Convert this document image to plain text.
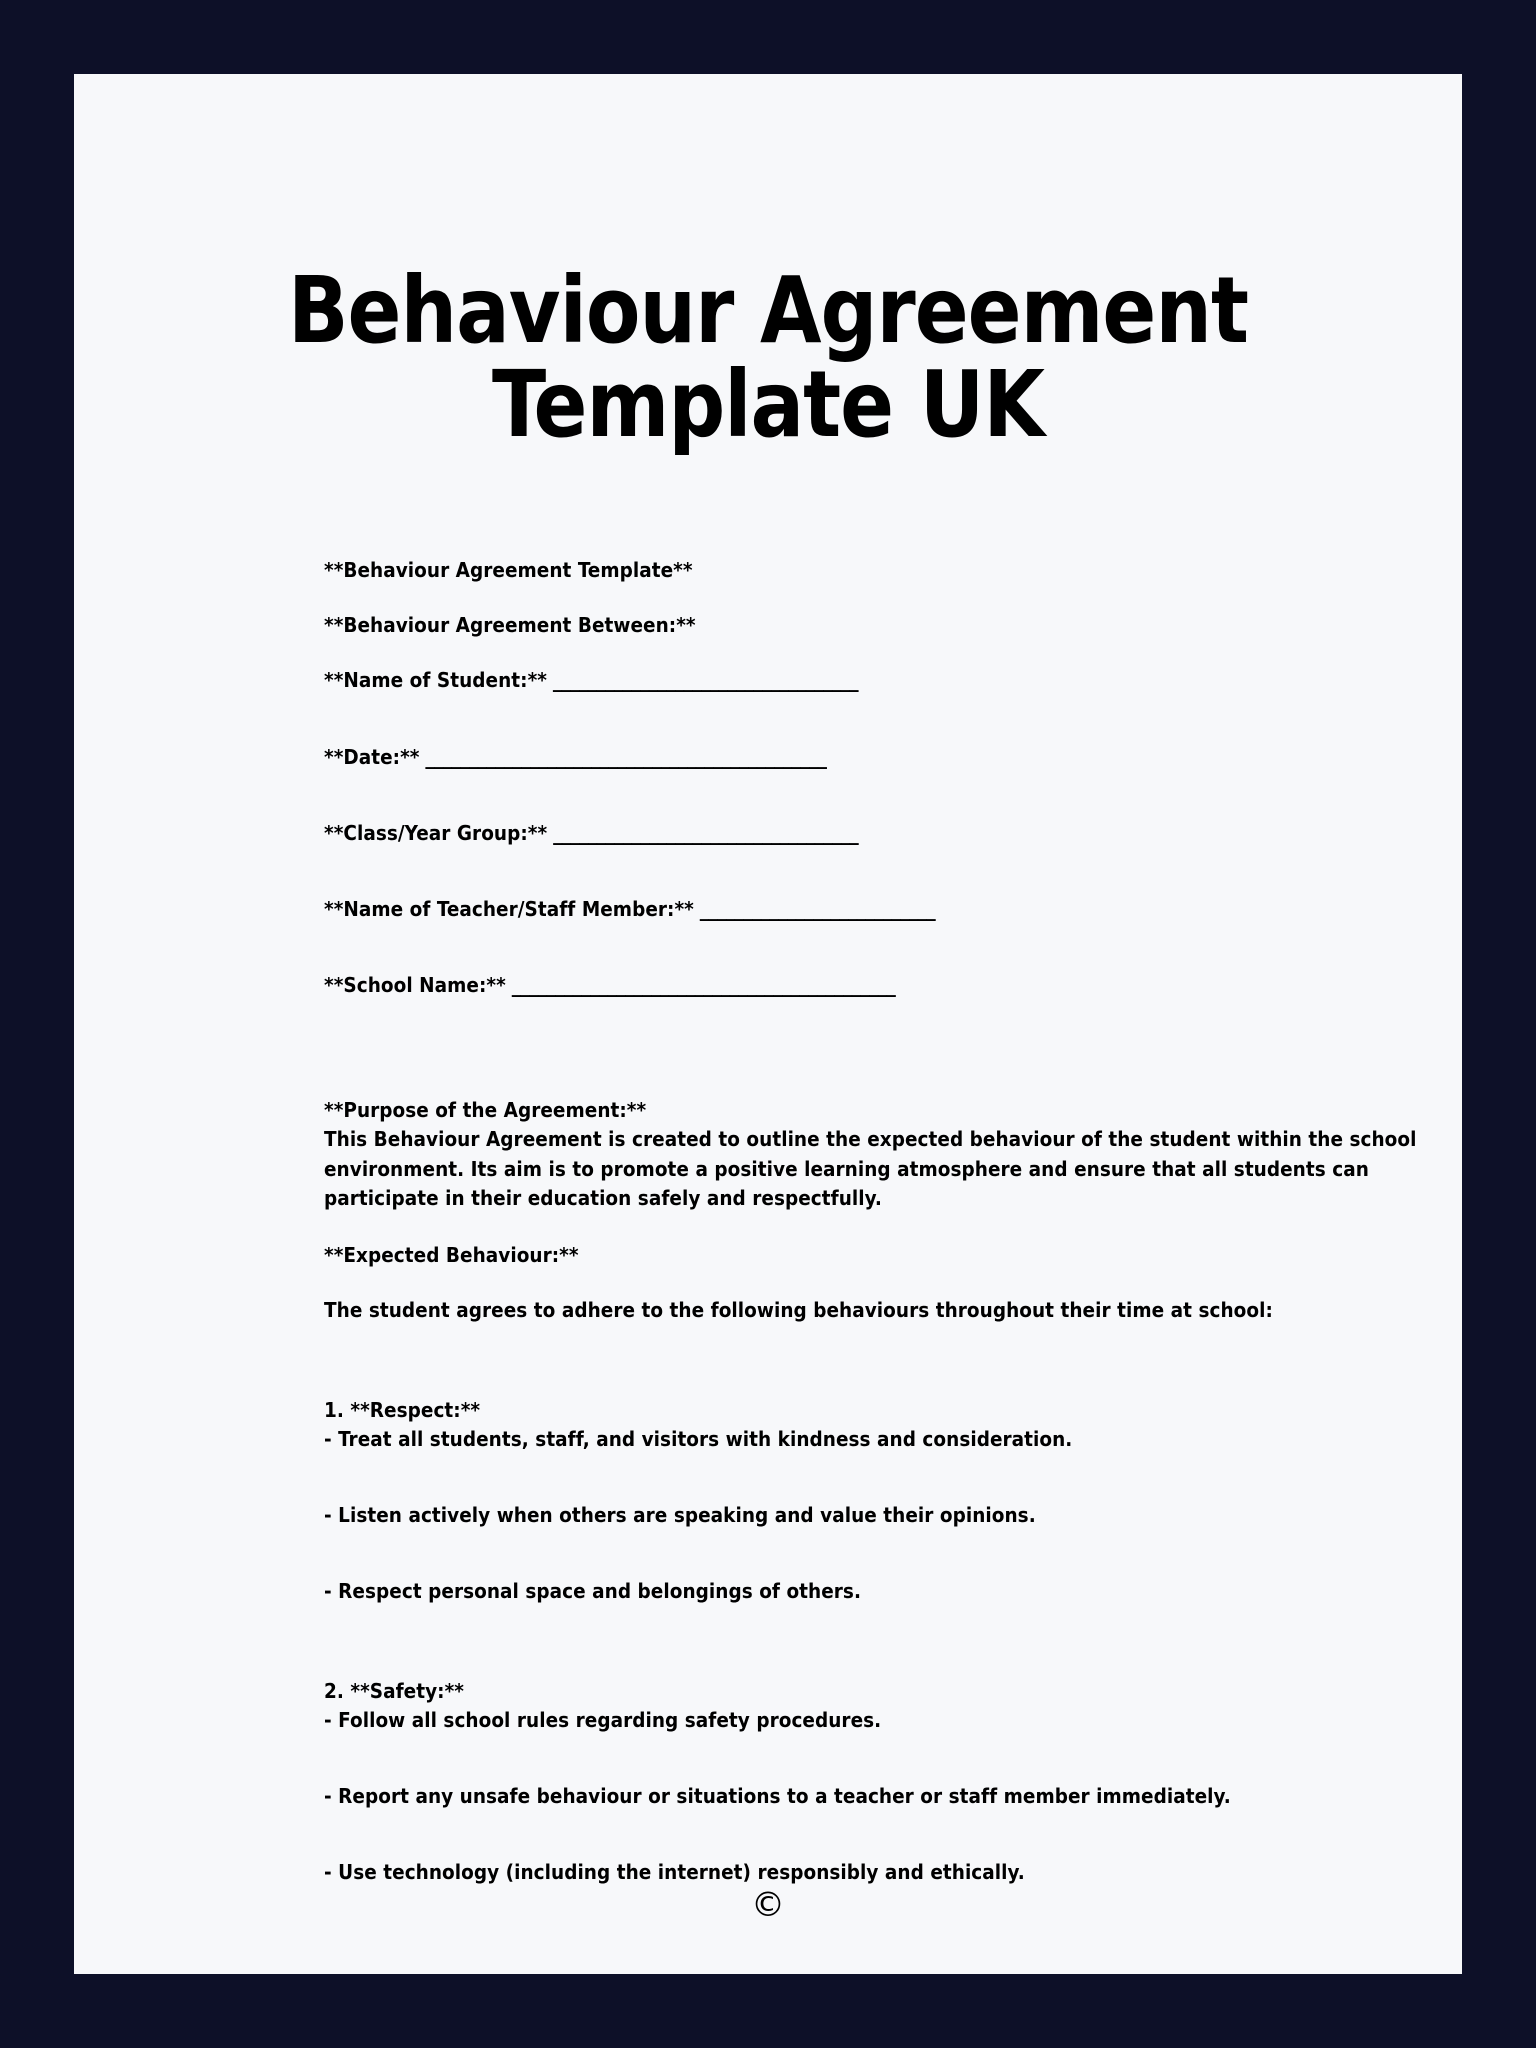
Behaviour Agreement Template UK

**Behaviour Agreement Template**

**Behaviour Agreement Between:**

**Name of Student:** ___________________________________

**Date:** ______________________________________________

**Class/Year Group:** ___________________________________

**Name of Teacher/Staff Member:** ___________________________

**School Name:** ____________________________________________

**Purpose of the Agreement:**

This Behaviour Agreement is created to outline the expected behaviour of the student within the school

environment. Its aim is to promote a positive learning atmosphere and ensure that all students can

participate in their education safely and respectfully.

**Expected Behaviour:**

The student agrees to adhere to the following behaviours throughout their time at school:

1. **Respect:**

- Treat all students, staff, and visitors with kindness and consideration.

- Listen actively when others are speaking and value their opinions.

- Respect personal space and belongings of others.

2. **Safety:**

- Follow all school rules regarding safety procedures.

- Report any unsafe behaviour or situations to a teacher or staff member immediately.

- Use technology (including the internet) responsibly and ethically.

©
